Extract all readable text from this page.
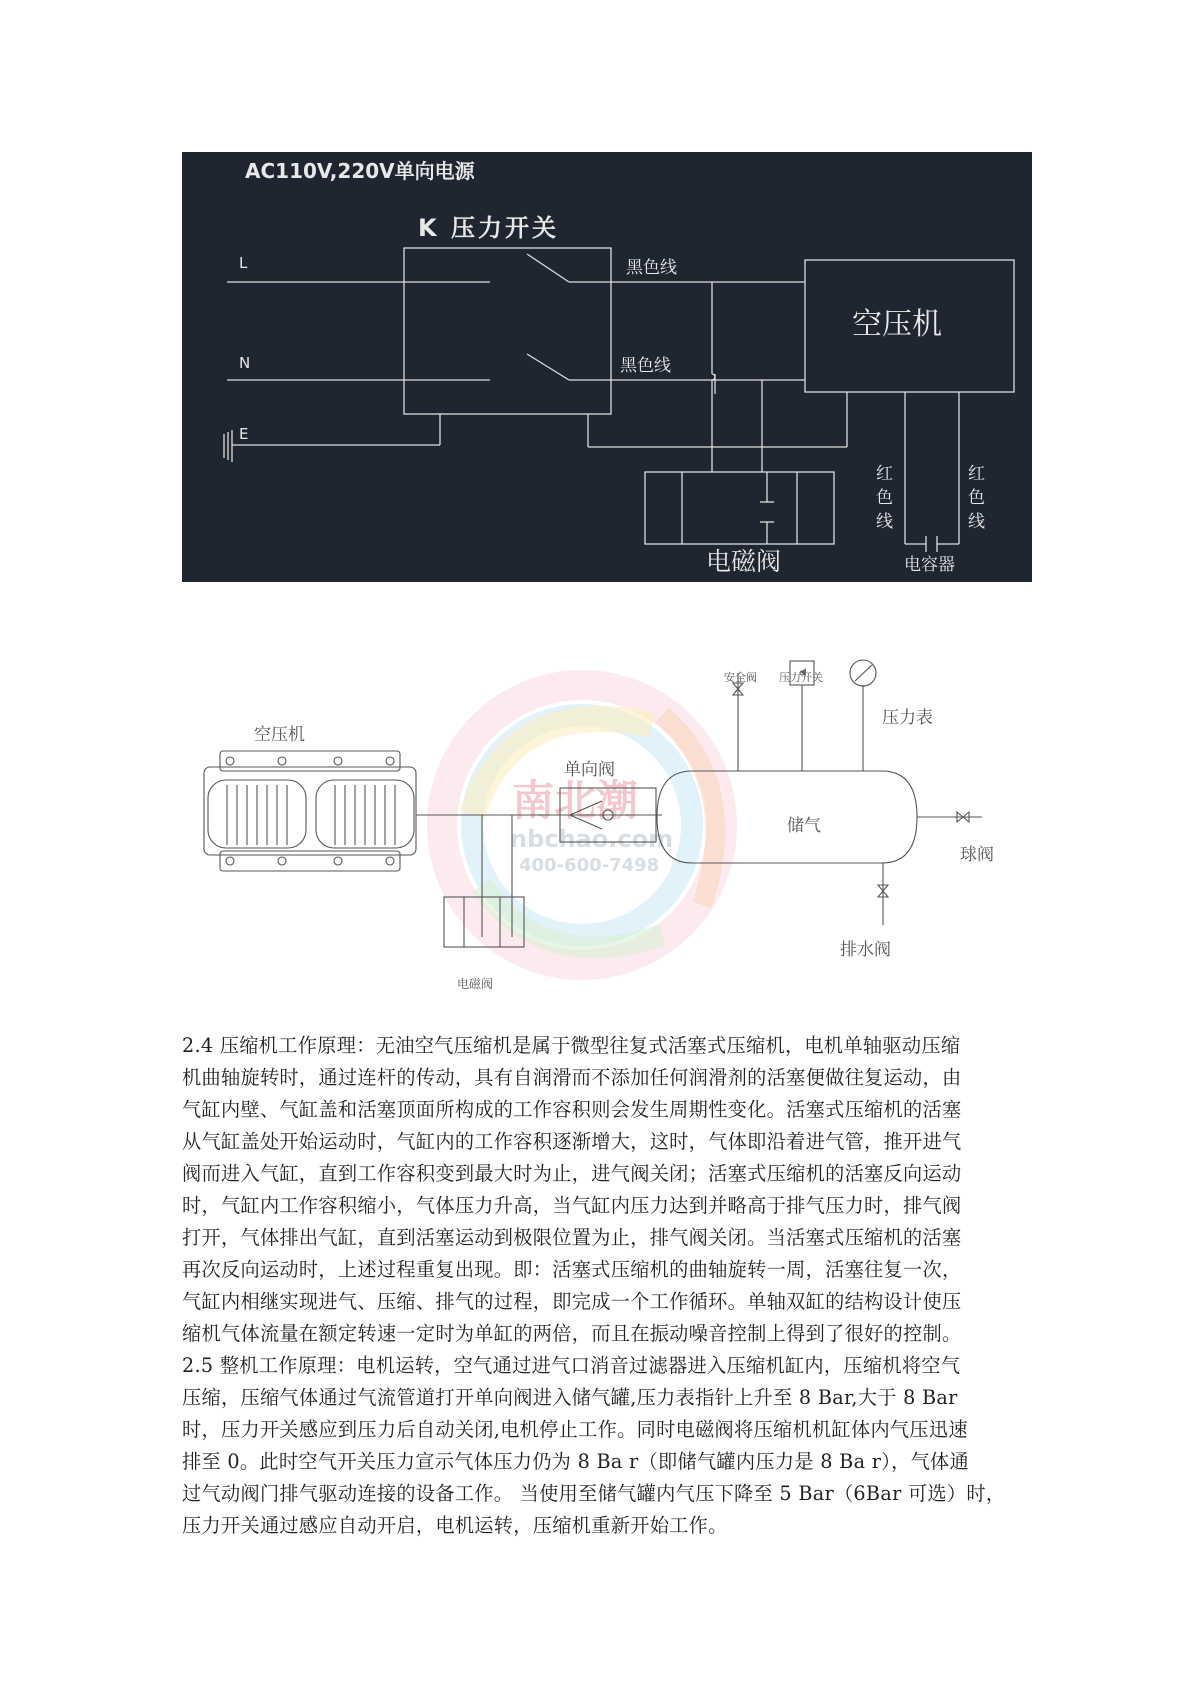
AC110V,220V单向电源
K 压力开关
L
N
E
黑色线
黑色线
空压机
红
色
线
红
色
线
电磁阀	电容器
南北潮
nbchao.com
400-600-7498
空压机
单向阀
安全阀 压力开关
压力表
储气
球阀
排水阀
电磁阀
2.4 压缩机工作原理：无油空气压缩机是属于微型往复式活塞式压缩机，电机单轴驱动压缩
机曲轴旋转时，通过连杆的传动，具有自润滑而不添加任何润滑剂的活塞便做往复运动，由
气缸内壁、气缸盖和活塞顶面所构成的工作容积则会发生周期性变化。活塞式压缩机的活塞
从气缸盖处开始运动时，气缸内的工作容积逐渐增大，这时，气体即沿着进气管，推开进气
阀而进入气缸，直到工作容积变到最大时为止，进气阀关闭；活塞式压缩机的活塞反向运动
时，气缸内工作容积缩小，气体压力升高，当气缸内压力达到并略高于排气压力时，排气阀
打开，气体排出气缸，直到活塞运动到极限位置为止，排气阀关闭。当活塞式压缩机的活塞
再次反向运动时，上述过程重复出现。即：活塞式压缩机的曲轴旋转一周，活塞往复一次，
气缸内相继实现进气、压缩、排气的过程，即完成一个工作循环。单轴双缸的结构设计使压
缩机气体流量在额定转速一定时为单缸的两倍，而且在振动噪音控制上得到了很好的控制。
2.5 整机工作原理：电机运转，空气通过进气口消音过滤器进入压缩机缸内，压缩机将空气
压缩，压缩气体通过气流管道打开单向阀进入储气罐,压力表指针上升至 8 Bar,大于 8 Bar
时，压力开关感应到压力后自动关闭,电机停止工作。同时电磁阀将压缩机机缸体内气压迅速
排至 0。此时空气开关压力宣示气体压力仍为 8 Ba r（即储气罐内压力是 8 Ba r），气体通
过气动阀门排气驱动连接的设备工作。 当使用至储气罐内气压下降至 5 Bar（6Bar 可选）时，
压力开关通过感应自动开启，电机运转，压缩机重新开始工作。
